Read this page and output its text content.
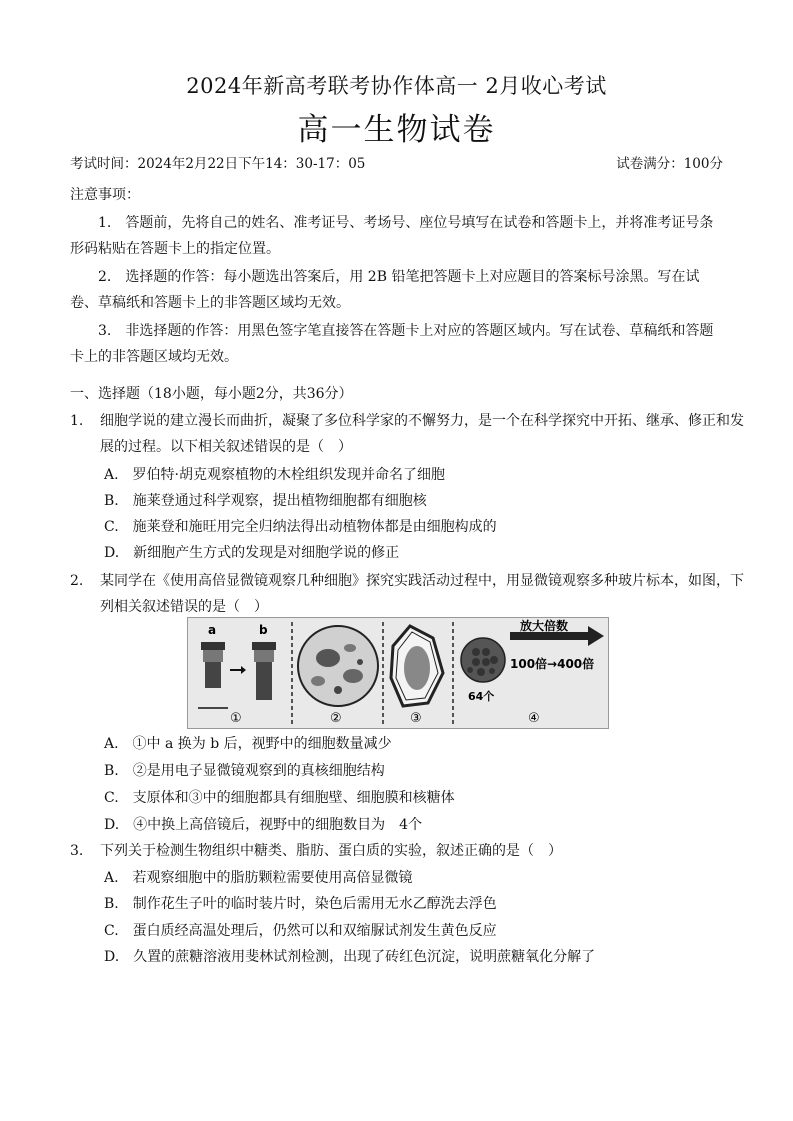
2024年新高考联考协作体高一 2月收心考试
高一生物试卷
考试时间：2024年2月22日下午14：30-17：05	试卷满分：100分
注意事项：
1.　答题前，先将自己的姓名、准考证号、考场号、座位号填写在试卷和答题卡上，并将准考证号条形码粘贴在答题卡上的指定位置。
2.　选择题的作答：每小题选出答案后，用 2B 铅笔把答题卡上对应题目的答案标号涂黑。写在试卷、草稿纸和答题卡上的非答题区域均无效。
3.　非选择题的作答：用黑色签字笔直接答在答题卡上对应的答题区域内。写在试卷、草稿纸和答题卡上的非答题区域均无效。
一、选择题（18小题，每小题2分，共36分）
1. 细胞学说的建立漫长而曲折，凝聚了多位科学家的不懈努力，是一个在科学探究中开拓、继承、修正和发展的过程。以下相关叙述错误的是（　）
A.　罗伯特·胡克观察植物的木栓组织发现并命名了细胞
B.　施莱登通过科学观察，提出植物细胞都有细胞核
C.　施莱登和施旺用完全归纳法得出动植物体都是由细胞构成的
D.　新细胞产生方式的发现是对细胞学说的修正
2. 某同学在《使用高倍显微镜观察几种细胞》探究实践活动过程中，用显微镜观察多种玻片标本，如图，下列相关叙述错误的是（　）
a	b
①	②	③
64个
放大倍数
100倍→400倍
④
A.　①中 a 换为 b 后，视野中的细胞数量减少
B.　②是用电子显微镜观察到的真核细胞结构
C.　支原体和③中的细胞都具有细胞壁、细胞膜和核糖体
D.　④中换上高倍镜后，视野中的细胞数目为　4个
3. 下列关于检测生物组织中糖类、脂肪、蛋白质的实验，叙述正确的是（　）
A.　若观察细胞中的脂肪颗粒需要使用高倍显微镜
B.　制作花生子叶的临时装片时，染色后需用无水乙醇洗去浮色
C.　蛋白质经高温处理后，仍然可以和双缩脲试剂发生黄色反应
D.　久置的蔗糖溶液用斐林试剂检测，出现了砖红色沉淀，说明蔗糖氧化分解了
